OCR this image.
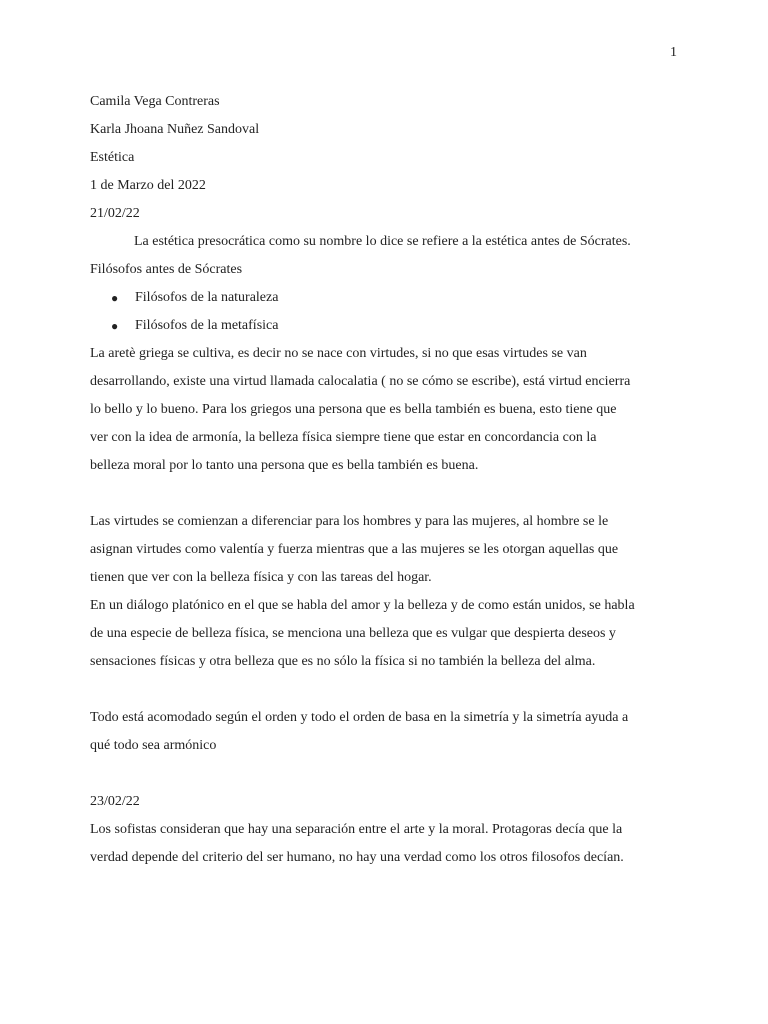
1
Camila Vega Contreras
Karla Jhoana Nuñez Sandoval
Estética
1 de Marzo del 2022
21/02/22
La estética presocrática como su nombre lo dice se refiere a la estética antes de Sócrates.
Filósofos antes de Sócrates
● Filósofos de la naturaleza
● Filósofos de la metafísica
La aretè griega se cultiva, es decir no se nace con virtudes, si no que esas virtudes se van
desarrollando, existe una virtud llamada calocalatia ( no se cómo se escribe), está virtud encierra
lo bello y lo bueno. Para los griegos una persona que es bella también es buena, esto tiene que
ver con la idea de armonía, la belleza física siempre tiene que estar en concordancia con la
belleza moral por lo tanto una persona que es bella también es buena.
Las virtudes se comienzan a diferenciar para los hombres y para las mujeres, al hombre se le
asignan virtudes como valentía y fuerza mientras que a las mujeres se les otorgan aquellas que
tienen que ver con la belleza física y con las tareas del hogar.
En un diálogo platónico en el que se habla del amor y la belleza y de como están unidos, se habla
de una especie de belleza física, se menciona una belleza que es vulgar que despierta deseos y
sensaciones físicas y otra belleza que es no sólo la física si no también la belleza del alma.
Todo está acomodado según el orden y todo el orden de basa en la simetría y la simetría ayuda a
qué todo sea armónico
23/02/22
Los sofistas consideran que hay una separación entre el arte y la moral. Protagoras decía que la
verdad depende del criterio del ser humano, no hay una verdad como los otros filosofos decían.
